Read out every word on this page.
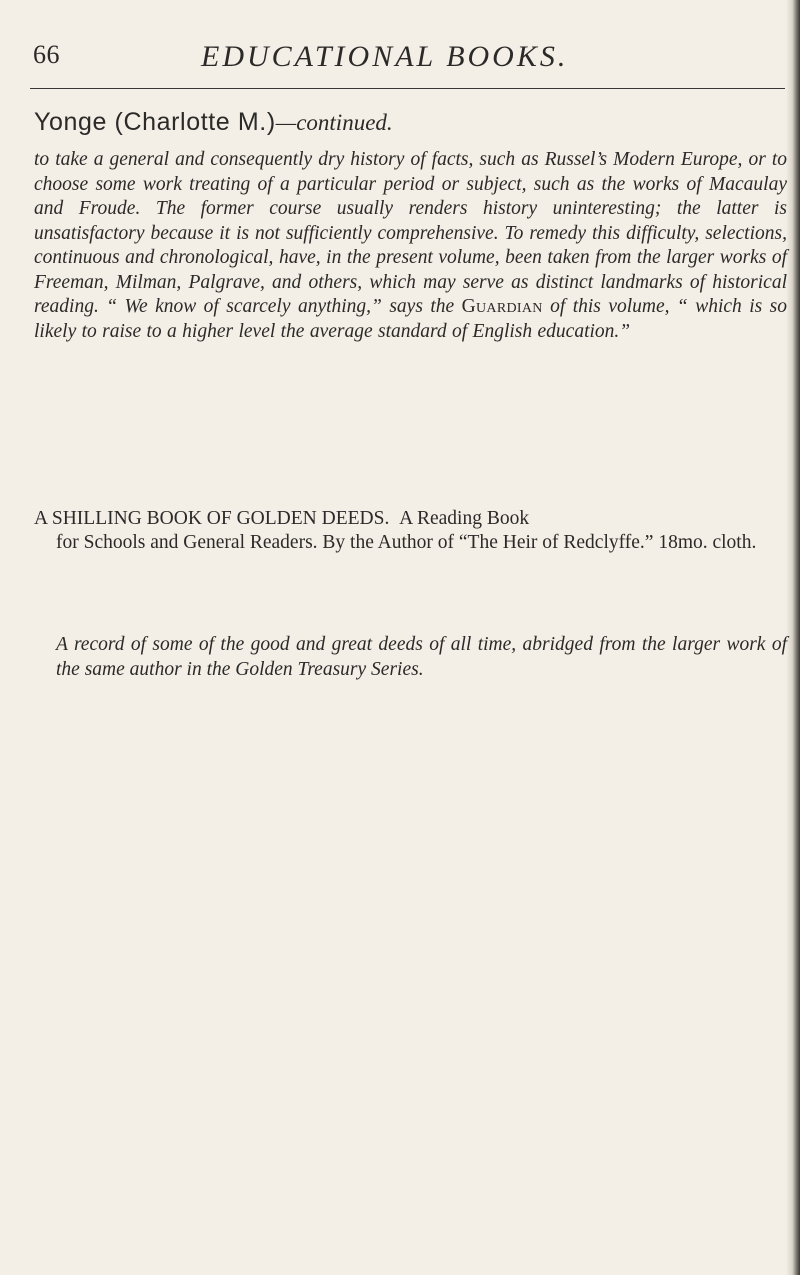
66	EDUCATIONAL BOOKS.
Yonge (Charlotte M.)—continued.
to take a general and consequently dry history of facts, such as Russel’s Modern Europe, or to choose some work treating of a particular period or subject, such as the works of Macaulay and Froude. The former course usually renders history uninteresting; the latter is unsatisfactory because it is not sufficiently comprehensive. To remedy this difficulty, selections, continuous and chronological, have, in the present volume, been taken from the larger works of Freeman, Milman, Palgrave, and others, which may serve as distinct landmarks of historical reading. “ We know of scarcely anything,” says the Guardian of this volume, “ which is so likely to raise to a higher level the average standard of English education.”
A SHILLING BOOK OF GOLDEN DEEDS. A Reading Book
for Schools and General Readers. By the Author of “The Heir of Redclyffe.” 18mo. cloth.
A record of some of the good and great deeds of all time, abridged from the larger work of the same author in the Golden Treasury Series.
